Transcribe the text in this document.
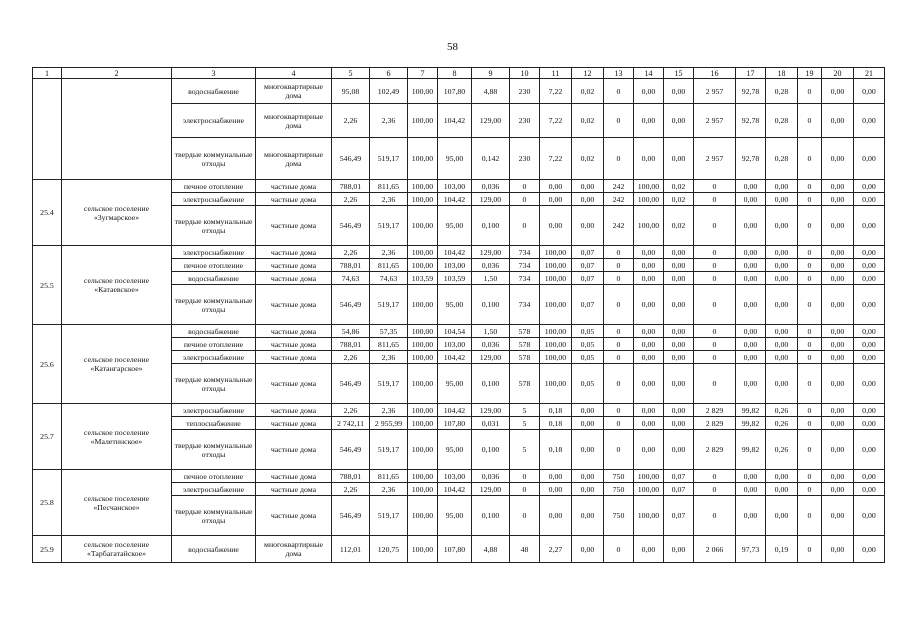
58
1	2	3	4	5	6	7	8	9	10	11	12	13	14	15	16	17	18	19	20	21
		водоснабжение	многоквартирные дома	95,08	102,49	100,00	107,80	4,88	230	7,22	0,02	0	0,00	0,00	2 957	92,78	0,28	0	0,00	0,00
		электроснабжение	многоквартирные дома	2,26	2,36	100,00	104,42	129,00	230	7,22	0,02	0	0,00	0,00	2 957	92,78	0,28	0	0,00	0,00
		твердые коммунальные отходы	многоквартирные дома	546,49	519,17	100,00	95,00	0,142	230	7,22	0,02	0	0,00	0,00	2 957	92,78	0,28	0	0,00	0,00
25.4	сельское поселение «Зугмарское»	печное отопление	частные дома	788,01	811,65	100,00	103,00	0,036	0	0,00	0,00	242	100,00	0,02	0	0,00	0,00	0	0,00	0,00
		электроснабжение	частные дома	2,26	2,36	100,00	104,42	129,00	0	0,00	0,00	242	100,00	0,02	0	0,00	0,00	0	0,00	0,00
		твердые коммунальные отходы	частные дома	546,49	519,17	100,00	95,00	0,100	0	0,00	0,00	242	100,00	0,02	0	0,00	0,00	0	0,00	0,00
25.5	сельское поселение «Катаевское»	электроснабжение	частные дома	2,26	2,36	100,00	104,42	129,00	734	100,00	0,07	0	0,00	0,00	0	0,00	0,00	0	0,00	0,00
		печное отопление	частные дома	788,01	811,65	100,00	103,00	0,036	734	100,00	0,07	0	0,00	0,00	0	0,00	0,00	0	0,00	0,00
		водоснабжение	частные дома	74,63	74,63	103,59	103,59	1,50	734	100,00	0,07	0	0,00	0,00	0	0,00	0,00	0	0,00	0,00
		твердые коммунальные отходы	частные дома	546,49	519,17	100,00	95,00	0,100	734	100,00	0,07	0	0,00	0,00	0	0,00	0,00	0	0,00	0,00
25.6	сельское поселение «Катангарское»	водоснабжение	частные дома	54,86	57,35	100,00	104,54	1,50	578	100,00	0,05	0	0,00	0,00	0	0,00	0,00	0	0,00	0,00
		печное отопление	частные дома	788,01	811,65	100,00	103,00	0,036	578	100,00	0,05	0	0,00	0,00	0	0,00	0,00	0	0,00	0,00
		электроснабжение	частные дома	2,26	2,36	100,00	104,42	129,00	578	100,00	0,05	0	0,00	0,00	0	0,00	0,00	0	0,00	0,00
		твердые коммунальные отходы	частные дома	546,49	519,17	100,00	95,00	0,100	578	100,00	0,05	0	0,00	0,00	0	0,00	0,00	0	0,00	0,00
25.7	сельское поселение «Малетинское»	электроснабжение	частные дома	2,26	2,36	100,00	104,42	129,00	5	0,18	0,00	0	0,00	0,00	2 829	99,82	0,26	0	0,00	0,00
		теплоснабжение	частные дома	2 742,11	2 955,99	100,00	107,80	0,031	5	0,18	0,00	0	0,00	0,00	2 829	99,82	0,26	0	0,00	0,00
		твердые коммунальные отходы	частные дома	546,49	519,17	100,00	95,00	0,100	5	0,18	0,00	0	0,00	0,00	2 829	99,82	0,26	0	0,00	0,00
25.8	сельское поселение «Песчанское»	печное отопление	частные дома	788,01	811,65	100,00	103,00	0,036	0	0,00	0,00	750	100,00	0,07	0	0,00	0,00	0	0,00	0,00
		электроснабжение	частные дома	2,26	2,36	100,00	104,42	129,00	0	0,00	0,00	750	100,00	0,07	0	0,00	0,00	0	0,00	0,00
		твердые коммунальные отходы	частные дома	546,49	519,17	100,00	95,00	0,100	0	0,00	0,00	750	100,00	0,07	0	0,00	0,00	0	0,00	0,00
25.9	сельское поселение «Тарбагатайское»	водоснабжение	многоквартирные дома	112,01	120,75	100,00	107,80	4,88	48	2,27	0,00	0	0,00	0,00	2 066	97,73	0,19	0	0,00	0,00
